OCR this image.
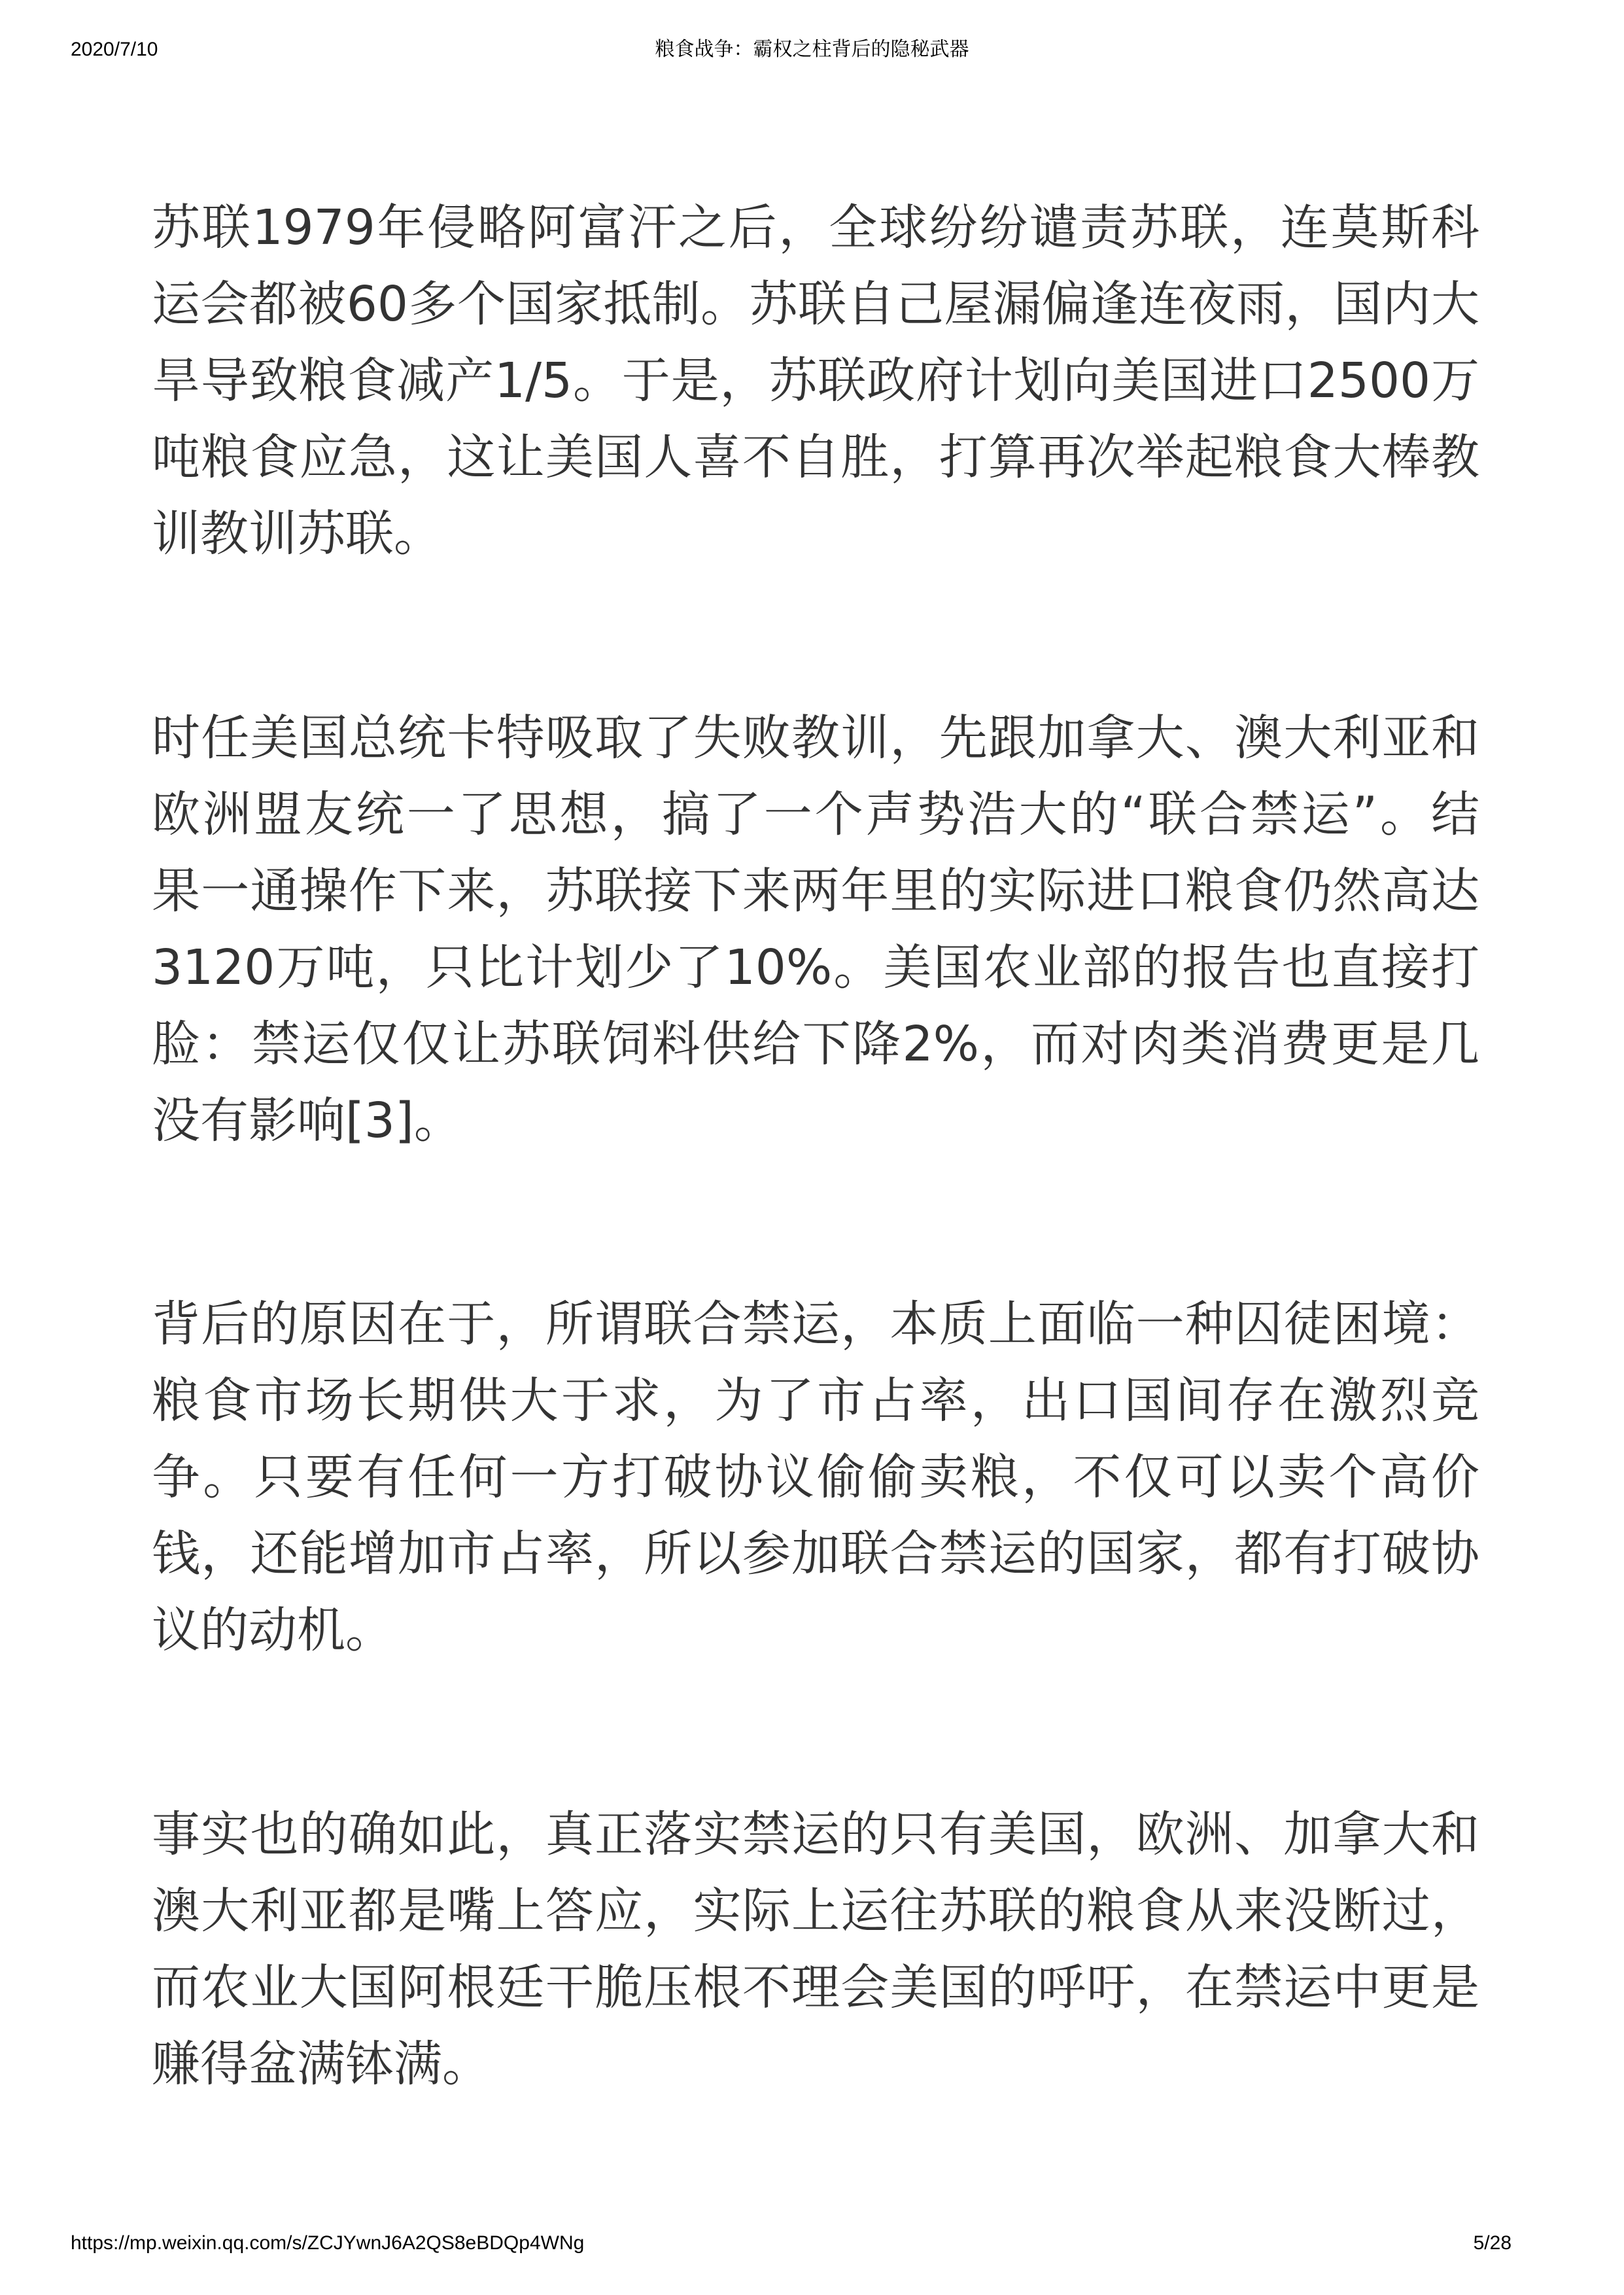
2020/7/10	粮食战争：霸权之柱背后的隐秘武器

苏联1979年侵略阿富汗之后，全球纷纷谴责苏联，连莫斯科
运会都被60多个国家抵制。苏联自己屋漏偏逢连夜雨，国内大
旱导致粮食减产1/5。于是，苏联政府计划向美国进口2500万
吨粮食应急，这让美国人喜不自胜，打算再次举起粮食大棒教
训教训苏联。

时任美国总统卡特吸取了失败教训，先跟加拿大、澳大利亚和
欧洲盟友统一了思想，搞了一个声势浩大的“联合禁运”。结
果一通操作下来，苏联接下来两年里的实际进口粮食仍然高达
3120万吨，只比计划少了10%。美国农业部的报告也直接打
脸：禁运仅仅让苏联饲料供给下降2%，而对肉类消费更是几
没有影响[3]。

背后的原因在于，所谓联合禁运，本质上面临一种囚徒困境：
粮食市场长期供大于求，为了市占率，出口国间存在激烈竞
争。只要有任何一方打破协议偷偷卖粮，不仅可以卖个高价
钱，还能增加市占率，所以参加联合禁运的国家，都有打破协
议的动机。

事实也的确如此，真正落实禁运的只有美国，欧洲、加拿大和
澳大利亚都是嘴上答应，实际上运往苏联的粮食从来没断过，
而农业大国阿根廷干脆压根不理会美国的呼吁，在禁运中更是
赚得盆满钵满。

https://mp.weixin.qq.com/s/ZCJYwnJ6A2QS8eBDQp4WNg	5/28
